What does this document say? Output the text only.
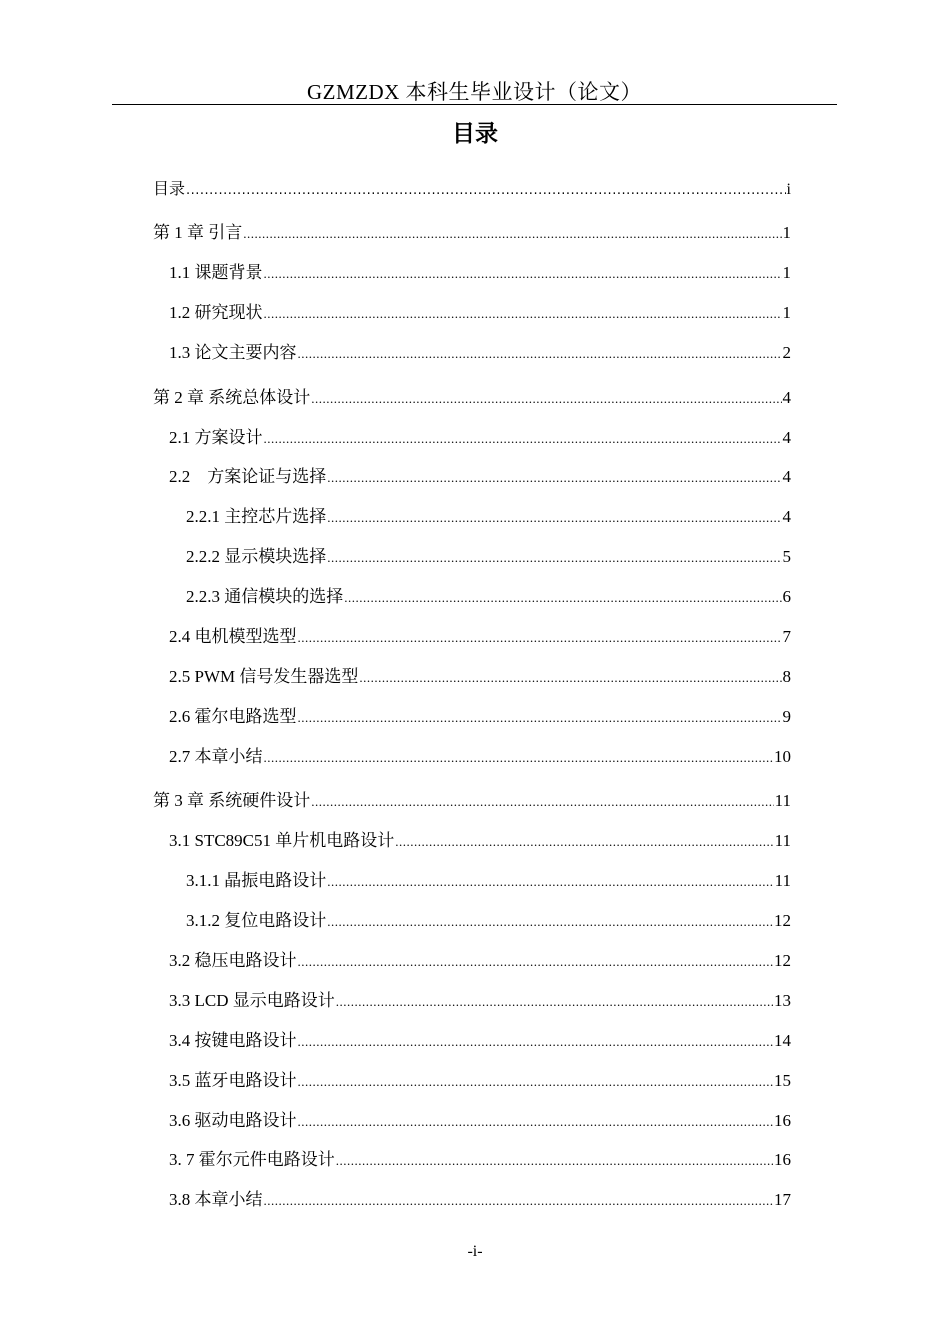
GZMZDX 本科生毕业设计（论文）
目录
目录 .....	i
第 1 章 引言 .....	1
1.1 课题背景 .....	1
1.2 研究现状 .....	1
1.3 论文主要内容 .....	2
第 2 章 系统总体设计 .....	4
2.1 方案设计 .....	4
2.2    方案论证与选择 .....	4
2.2.1 主控芯片选择 .....	4
2.2.2 显示模块选择 .....	5
2.2.3 通信模块的选择 .....	6
2.4 电机模型选型 .....	7
2.5 PWM 信号发生器选型 .....	8
2.6 霍尔电路选型 .....	9
2.7 本章小结 .....	10
第 3 章 系统硬件设计 .....	11
3.1 STC89C51 单片机电路设计 .....	11
3.1.1 晶振电路设计 .....	11
3.1.2 复位电路设计 .....	12
3.2 稳压电路设计 .....	12
3.3 LCD 显示电路设计 .....	13
3.4 按键电路设计 .....	14
3.5 蓝牙电路设计 .....	15
3.6 驱动电路设计 .....	16
3. 7 霍尔元件电路设计 .....	16
3.8 本章小结 .....	17
-i-
